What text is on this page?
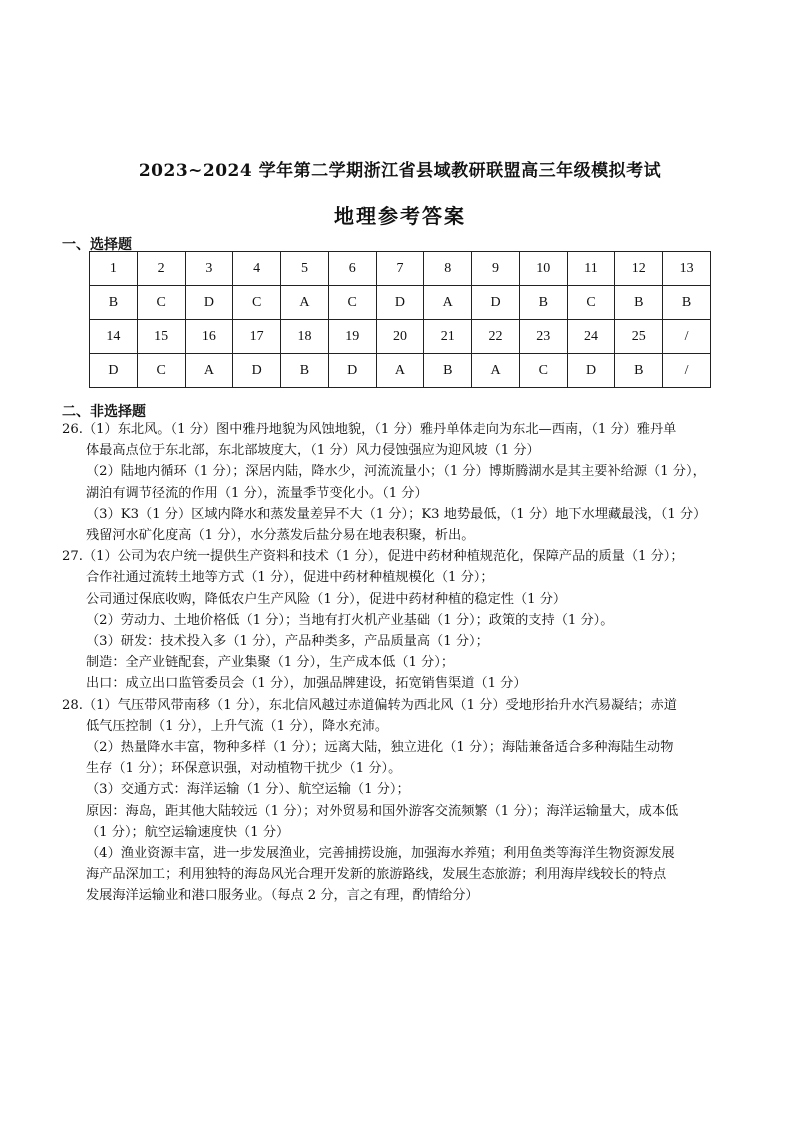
2023~2024 学年第二学期浙江省县域教研联盟高三年级模拟考试
地理参考答案
一、选择题
1	2	3	4	5	6	7	8	9	10	11	12	13
B	C	D	C	A	C	D	A	D	B	C	B	B
14	15	16	17	18	19	20	21	22	23	24	25	/
D	C	A	D	B	D	A	B	A	C	D	B	/
二、非选择题

26.（1）东北风。（1 分）图中雅丹地貌为风蚀地貌，（1 分）雅丹单体走向为东北—西南，（1 分）雅丹单

体最高点位于东北部，东北部坡度大，（1 分）风力侵蚀强应为迎风坡（1 分）

（2）陆地内循环（1 分）；深居内陆，降水少，河流流量小；（1 分）博斯腾湖水是其主要补给源（1 分），

湖泊有调节径流的作用（1 分），流量季节变化小。（1 分）

（3）K3（1 分）区域内降水和蒸发量差异不大（1 分）；K3 地势最低，（1 分）地下水埋藏最浅，（1 分）

残留河水矿化度高（1 分），水分蒸发后盐分易在地表积聚，析出。

27.（1）公司为农户统一提供生产资料和技术（1 分），促进中药材种植规范化，保障产品的质量（1 分）；

合作社通过流转土地等方式（1 分），促进中药材种植规模化（1 分）；

公司通过保底收购，降低农户生产风险（1 分），促进中药材种植的稳定性（1 分）

（2）劳动力、土地价格低（1 分）；当地有打火机产业基础（1 分）；政策的支持（1 分）。

（3）研发：技术投入多（1 分），产品种类多，产品质量高（1 分）；

制造：全产业链配套，产业集聚（1 分），生产成本低（1 分）；

出口：成立出口监管委员会（1 分），加强品牌建设，拓宽销售渠道（1 分）

28.（1）气压带风带南移（1 分），东北信风越过赤道偏转为西北风（1 分）受地形抬升水汽易凝结；赤道

低气压控制（1 分），上升气流（1 分），降水充沛。

（2）热量降水丰富，物种多样（1 分）；远离大陆，独立进化（1 分）；海陆兼备适合多种海陆生动物

生存（1 分）；环保意识强，对动植物干扰少（1 分）。

（3）交通方式：海洋运输（1 分）、航空运输（1 分）；

原因：海岛，距其他大陆较远（1 分）；对外贸易和国外游客交流频繁（1 分）；海洋运输量大，成本低

（1 分）；航空运输速度快（1 分）

（4）渔业资源丰富，进一步发展渔业，完善捕捞设施，加强海水养殖；利用鱼类等海洋生物资源发展

海产品深加工；利用独特的海岛风光合理开发新的旅游路线，发展生态旅游；利用海岸线较长的特点

发展海洋运输业和港口服务业。（每点 2 分，言之有理，酌情给分）
